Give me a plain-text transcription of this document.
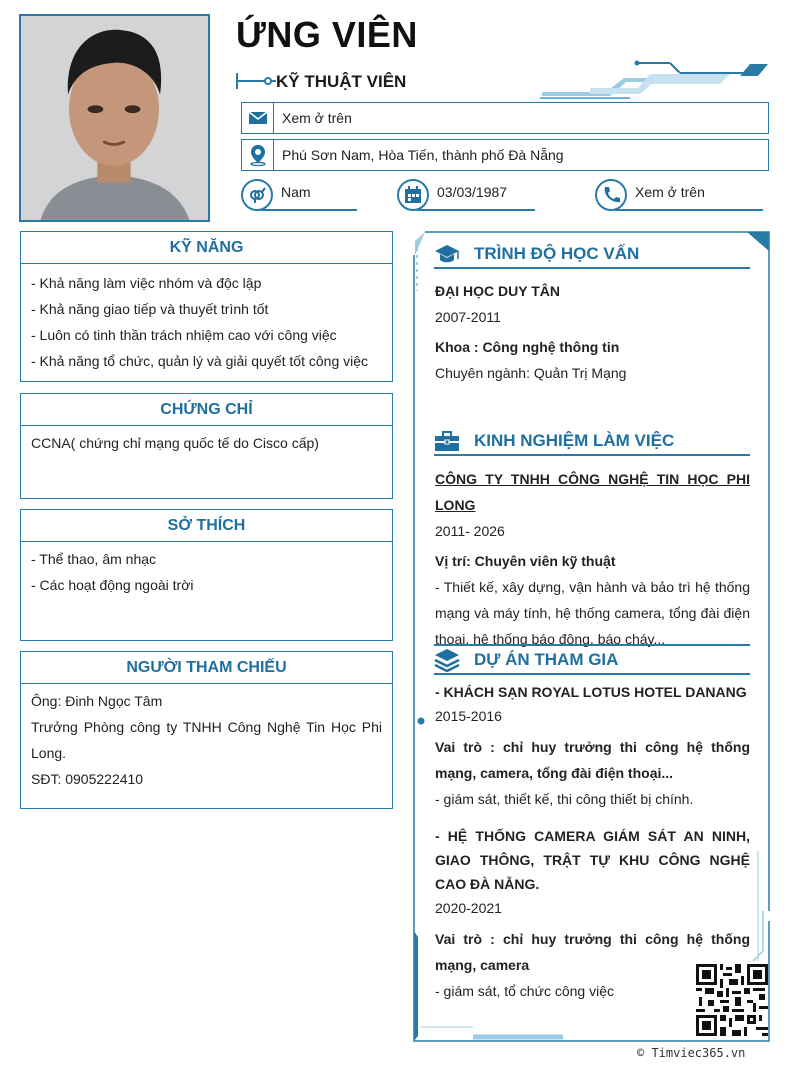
ỨNG VIÊN
KỸ THUẬT VIÊN
Xem ở trên
Phú Sơn Nam, Hòa Tiến, thành phố Đà Nẵng
Nam	03/03/1987	Xem ở trên
KỸ NĂNG
- Khả năng làm việc nhóm và độc lập
- Khả năng giao tiếp và thuyết trình tốt
- Luôn có tinh thần trách nhiệm cao với công việc
- Khả năng tổ chức, quản lý và giải quyết tốt công việc
CHỨNG CHỈ
CCNA( chứng chỉ mạng quốc tế do Cisco cấp)
SỞ THÍCH
- Thể thao, âm nhạc
- Các hoạt động ngoài trời
NGƯỜI THAM CHIẾU
Ông: Đinh Ngọc Tâm
Trưởng Phòng công ty TNHH Công Nghệ Tin Học Phi Long.
SĐT: 0905222410
TRÌNH ĐỘ HỌC VẤN
ĐẠI HỌC DUY TÂN
2007-2011
Khoa : Công nghệ thông tin
Chuyên ngành: Quản Trị Mạng
KINH NGHIỆM LÀM VIỆC
CÔNG TY TNHH CÔNG NGHỆ TIN HỌC PHI LONG
2011- 2026
Vị trí: Chuyên viên kỹ thuật
- Thiết kế, xây dựng, vận hành và bảo trì hệ thống mạng và máy tính, hệ thống camera, tổng đài điện thoại, hệ thống báo động, báo cháy...
DỰ ÁN THAM GIA
- KHÁCH SẠN ROYAL LOTUS HOTEL DANANG
2015-2016
Vai trò : chỉ huy trưởng thi công hệ thống mạng, camera, tổng đài điện thoại...
- giám sát, thiết kế, thi công thiết bị chính.
- HỆ THỐNG CAMERA GIÁM SÁT AN NINH, GIAO THÔNG, TRẬT TỰ KHU CÔNG NGHỆ CAO ĐÀ NẴNG.
2020-2021
Vai trò : chỉ huy trưởng thi công hệ thống mạng, camera
- giám sát, tổ chức công việc
© Timviec365.vn
